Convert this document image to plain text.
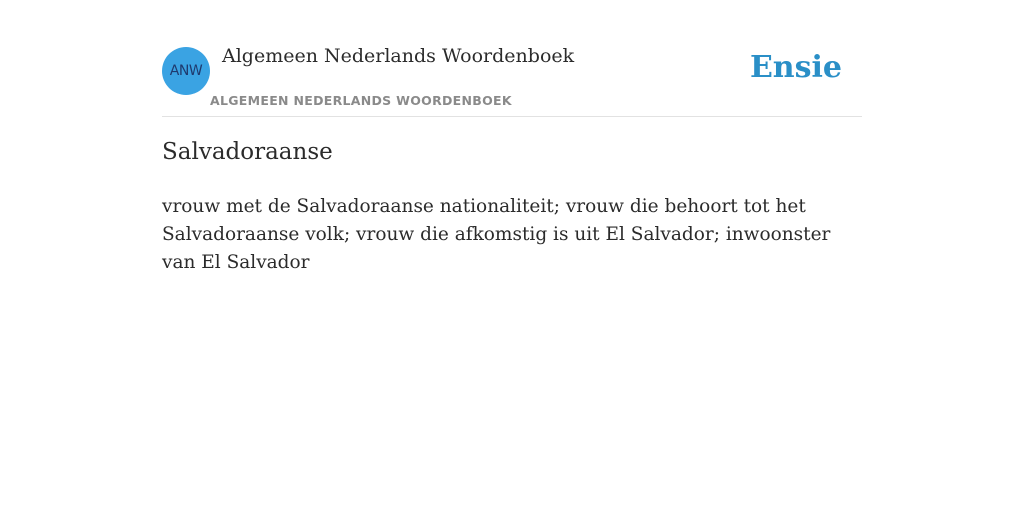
ANW
Algemeen Nederlands Woordenboek
ALGEMEEN NEDERLANDS WOORDENBOEK
Ensie
Salvadoraanse
vrouw met de Salvadoraanse nationaliteit; vrouw die behoort tot het Salvadoraanse volk; vrouw die afkomstig is uit El Salvador; inwoonster van El Salvador
